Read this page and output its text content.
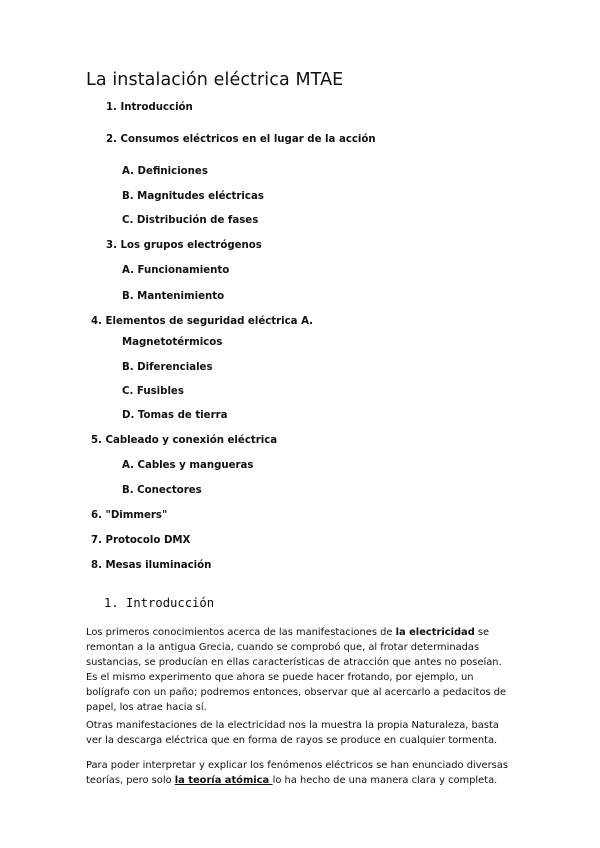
La instalación eléctrica MTAE
1. Introducción
2. Consumos eléctricos en el lugar de la acción
A. Definiciones
B. Magnitudes eléctricas
C. Distribución de fases
3. Los grupos electrógenos
A. Funcionamiento
B. Mantenimiento
4. Elementos de seguridad eléctrica A.
Magnetotérmicos
B. Diferenciales
C. Fusibles
D. Tomas de tierra
5. Cableado y conexión eléctrica
A. Cables y mangueras
B. Conectores
6. "Dimmers"
7. Protocolo DMX
8. Mesas iluminación
1. Introducción
Los primeros conocimientos acerca de las manifestaciones de la electricidad se
remontan a la antigua Grecia, cuando se comprobó que, al frotar determinadas
sustancias, se producían en ellas características de atracción que antes no poseían.
Es el mismo experimento que ahora se puede hacer frotando, por ejemplo, un
bolígrafo con un paño; podremos entonces, observar que al acercarlo a pedacitos de
papel, los atrae hacia sí.
Otras manifestaciones de la electricidad nos la muestra la propia Naturaleza, basta
ver la descarga eléctrica que en forma de rayos se produce en cualquier tormenta.
Para poder interpretar y explicar los fenómenos eléctricos se han enunciado diversas
teorías, pero solo la teoría atómica lo ha hecho de una manera clara y completa.
